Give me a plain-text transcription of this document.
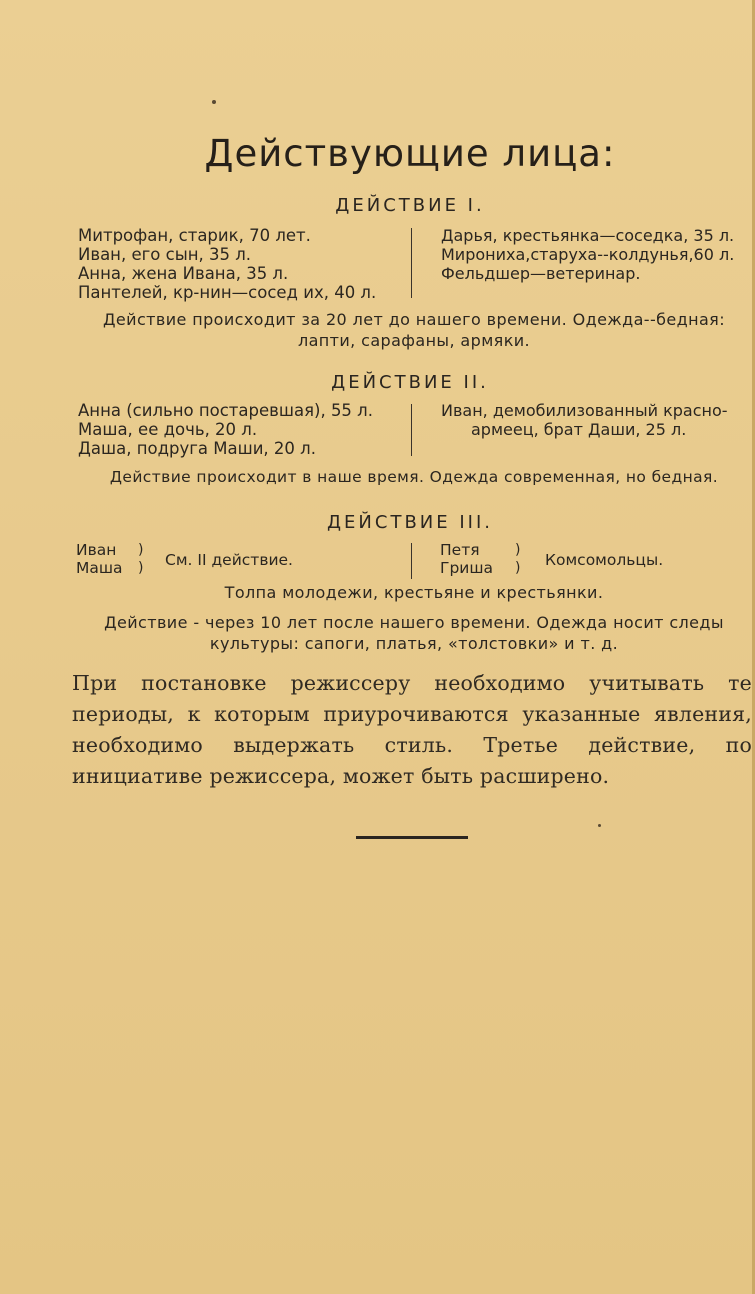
Действующие лица:
ДЕЙСТВИЕ I.
Митрофан, старик, 70 лет.
Иван, его сын, 35 л.
Анна, жена Ивана, 35 л.
Пантелей, кр-нин—сосед их, 40 л.
Дарья, крестьянка—соседка, 35 л.
Миронихa,старуха--колдунья,60 л.
Фельдшер—ветеринар.
Действие происходит за 20 лет до нашего времени. Одежда--бедная:
лапти, сарафаны, армяки.
ДЕЙСТВИЕ II.
Анна (сильно постаревшая), 55 л.
Маша, ее дочь, 20 л.
Даша, подруга Маши, 20 л.
Иван, демобилизованный красно-
армеец, брат Даши, 25 л.
Действие происходит в наше время. Одежда современная, но бедная.
ДЕЙСТВИЕ III.
Иван
Маша
)
) См. II действие.
Петя
Гриша
)
) Комсомольцы.
Толпа молодежи, крестьяне и крестьянки.
Действие - через 10 лет после нашего времени. Одежда носит следы
культуры: сапоги, платья, «толстовки» и т. д.
При постановке режиссеру необходимо учитывать те периоды, к которым приурочиваются указанные явления, необходимо выдержать стиль. Третье действие, по инициативе режиссера, может быть расширено.
